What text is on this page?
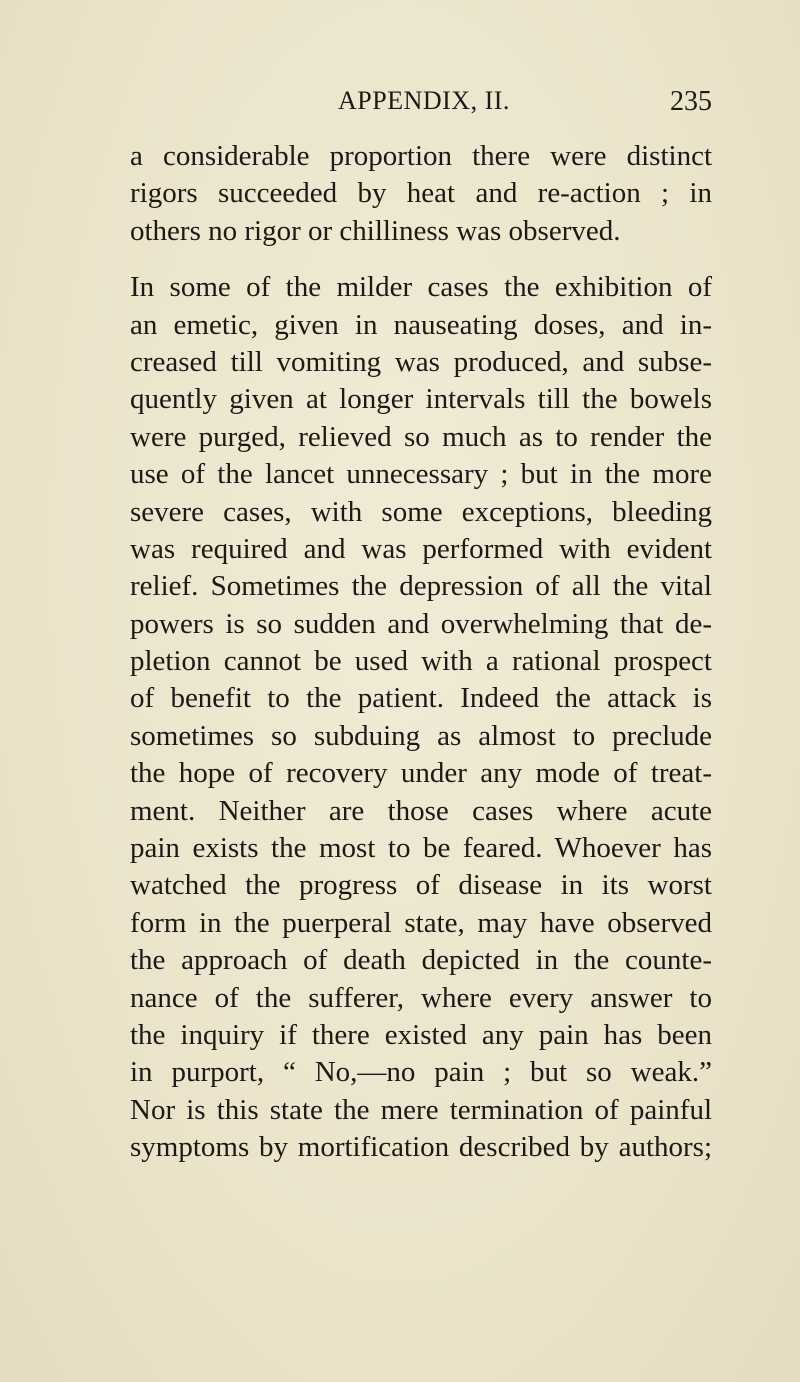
APPENDIX, II.	235
a considerable proportion there were distinct
rigors succeeded by heat and re-action ; in
others no rigor or chilliness was observed.
In some of the milder cases the exhibition of
an emetic, given in nauseating doses, and in-
creased till vomiting was produced, and subse-
quently given at longer intervals till the bowels
were purged, relieved so much as to render the
use of the lancet unnecessary ; but in the more
severe cases, with some exceptions, bleeding
was required and was performed with evident
relief. Sometimes the depression of all the vital
powers is so sudden and overwhelming that de-
pletion cannot be used with a rational prospect
of benefit to the patient. Indeed the attack is
sometimes so subduing as almost to preclude
the hope of recovery under any mode of treat-
ment. Neither are those cases where acute
pain exists the most to be feared. Whoever has
watched the progress of disease in its worst
form in the puerperal state, may have observed
the approach of death depicted in the counte-
nance of the sufferer, where every answer to
the inquiry if there existed any pain has been
in purport, “ No,—no pain ; but so weak.”
Nor is this state the mere termination of painful
symptoms by mortification described by authors;
